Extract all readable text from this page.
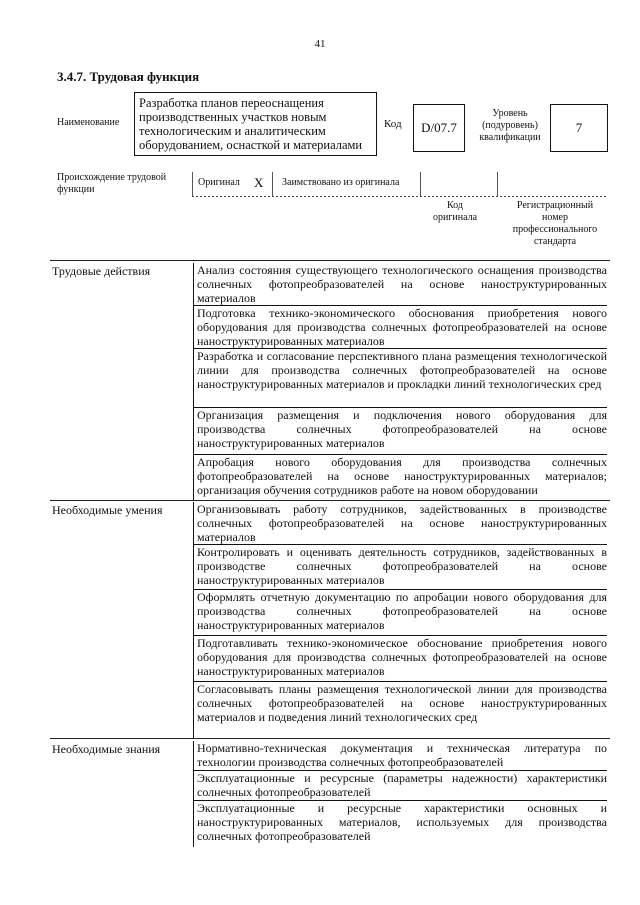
41
3.4.7. Трудовая функция
Наименование
Разработка планов переоснащения производственных участков новым технологическим и аналитическим оборудованием, оснасткой и материалами
Код	D/07.7
Уровень (подуровень) квалификации
7
Происхождение трудовой функции
Оригинал X Заимствовано из оригинала
Код оригинала
Регистрационный номер профессионального стандарта
Трудовые действия	Анализ состояния существующего технологического оснащения производства солнечных фотопреобразователей на основе наноструктурированных материалов
Подготовка технико-экономического обоснования приобретения нового оборудования для производства солнечных фотопреобразователей на основе наноструктурированных материалов
Разработка и согласование перспективного плана размещения технологической линии для производства солнечных фотопреобразователей на основе наноструктурированных материалов и прокладки линий технологических сред
Организация размещения и подключения нового оборудования для производства солнечных фотопреобразователей на основе наноструктурированных материалов
Апробация нового оборудования для производства солнечных фотопреобразователей на основе наноструктурированных материалов; организация обучения сотрудников работе на новом оборудовании
Необходимые умения	Организовывать работу сотрудников, задействованных в производстве солнечных фотопреобразователей на основе наноструктурированных материалов
Контролировать и оценивать деятельность сотрудников, задействованных в производстве солнечных фотопреобразователей на основе наноструктурированных материалов
Оформлять отчетную документацию по апробации нового оборудования для производства солнечных фотопреобразователей на основе наноструктурированных материалов
Подготавливать технико-экономическое обоснование приобретения нового оборудования для производства солнечных фотопреобразователей на основе наноструктурированных материалов
Согласовывать планы размещения технологической линии для производства солнечных фотопреобразователей на основе наноструктурированных материалов и подведения линий технологических сред
Необходимые знания	Нормативно-техническая документация и техническая литература по технологии производства солнечных фотопреобразователей
Эксплуатационные и ресурсные (параметры надежности) характеристики солнечных фотопреобразователей
Эксплуатационные и ресурсные характеристики основных и наноструктурированных материалов, используемых для производства солнечных фотопреобразователей
